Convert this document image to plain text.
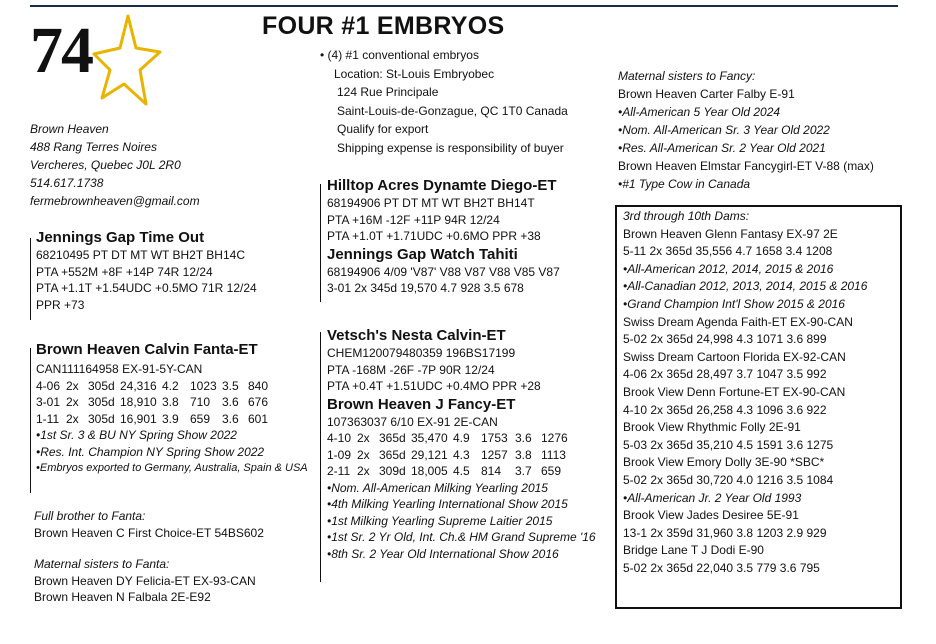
74	FOUR #1 EMBRYOS
Brown Heaven
488 Rang Terres Noires
Vercheres, Quebec J0L 2R0
514.617.1738
fermebrownheaven@gmail.com
Jennings Gap Time Out
68210495 PT DT MT WT BH2T BH14C
PTA +552M +8F +14P 74R 12/24
PTA +1.1T +1.54UDC +0.5MO 71R 12/24
PPR +73
Brown Heaven Calvin Fanta-ET
CAN111164958 EX-91-5Y-CAN
4-06 2x 305d 24,316 4.2 1023 3.5 840
3-01 2x 305d 18,910 3.8 710 3.6 676
1-11 2x 305d 16,901 3.9 659 3.6 601
•1st Sr. 3 & BU NY Spring Show 2022
•Res. Int. Champion NY Spring Show 2022
•Embryos exported to Germany, Australia, Spain & USA
Full brother to Fanta:
Brown Heaven C First Choice-ET 54BS602
Maternal sisters to Fanta:
Brown Heaven DY Felicia-ET EX-93-CAN
Brown Heaven N Falbala 2E-E92
• (4) #1 conventional embryos
Location: St-Louis Embryobec
124 Rue Principale
Saint-Louis-de-Gonzague, QC 1T0 Canada
Qualify for export
Shipping expense is responsibility of buyer
Hilltop Acres Dynamte Diego-ET
68194906 PT DT MT WT BH2T BH14T
PTA +16M -12F +11P 94R 12/24
PTA +1.0T +1.71UDC +0.6MO PPR +38
Jennings Gap Watch Tahiti
68194906 4/09 'V87' V88 V87 V88 V85 V87
3-01 2x 345d 19,570 4.7 928 3.5 678
Vetsch's Nesta Calvin-ET
CHEM120079480359 196BS17199
PTA -168M -26F -7P 90R 12/24
PTA +0.4T +1.51UDC +0.4MO PPR +28
Brown Heaven J Fancy-ET
107363037 6/10 EX-91 2E-CAN
4-10 2x 365d 35,470 4.9 1753 3.6 1276
1-09 2x 365d 29,121 4.3 1257 3.8 1113
2-11 2x 309d 18,005 4.5 814 3.7 659
•Nom. All-American Milking Yearling 2015
•4th Milking Yearling International Show 2015
•1st Milking Yearling Supreme Laitier 2015
•1st Sr. 2 Yr Old, Int. Ch.& HM Grand Supreme '16
•8th Sr. 2 Year Old International Show 2016
Maternal sisters to Fancy:
Brown Heaven Carter Falby E-91
•All-American 5 Year Old 2024
•Nom. All-American Sr. 3 Year Old 2022
•Res. All-American Sr. 2 Year Old 2021
Brown Heaven Elmstar Fancygirl-ET V-88 (max)
•#1 Type Cow in Canada
3rd through 10th Dams:
Brown Heaven Glenn Fantasy EX-97 2E
5-11 2x 365d 35,556 4.7 1658 3.4 1208
•All-American 2012, 2014, 2015 & 2016
•All-Canadian 2012, 2013, 2014, 2015 & 2016
•Grand Champion Int'l Show 2015 & 2016
Swiss Dream Agenda Faith-ET EX-90-CAN
5-02 2x 365d 24,998 4.3 1071 3.6 899
Swiss Dream Cartoon Florida EX-92-CAN
4-06 2x 365d 28,497 3.7 1047 3.5 992
Brook View Denn Fortune-ET EX-90-CAN
4-10 2x 365d 26,258 4.3 1096 3.6 922
Brook View Rhythmic Folly 2E-91
5-03 2x 365d 35,210 4.5 1591 3.6 1275
Brook View Emory Dolly 3E-90 *SBC*
5-02 2x 365d 30,720 4.0 1216 3.5 1084
•All-American Jr. 2 Year Old 1993
Brook View Jades Desiree 5E-91
13-1 2x 359d 31,960 3.8 1203 2.9 929
Bridge Lane T J Dodi E-90
5-02 2x 365d 22,040 3.5 779 3.6 795
